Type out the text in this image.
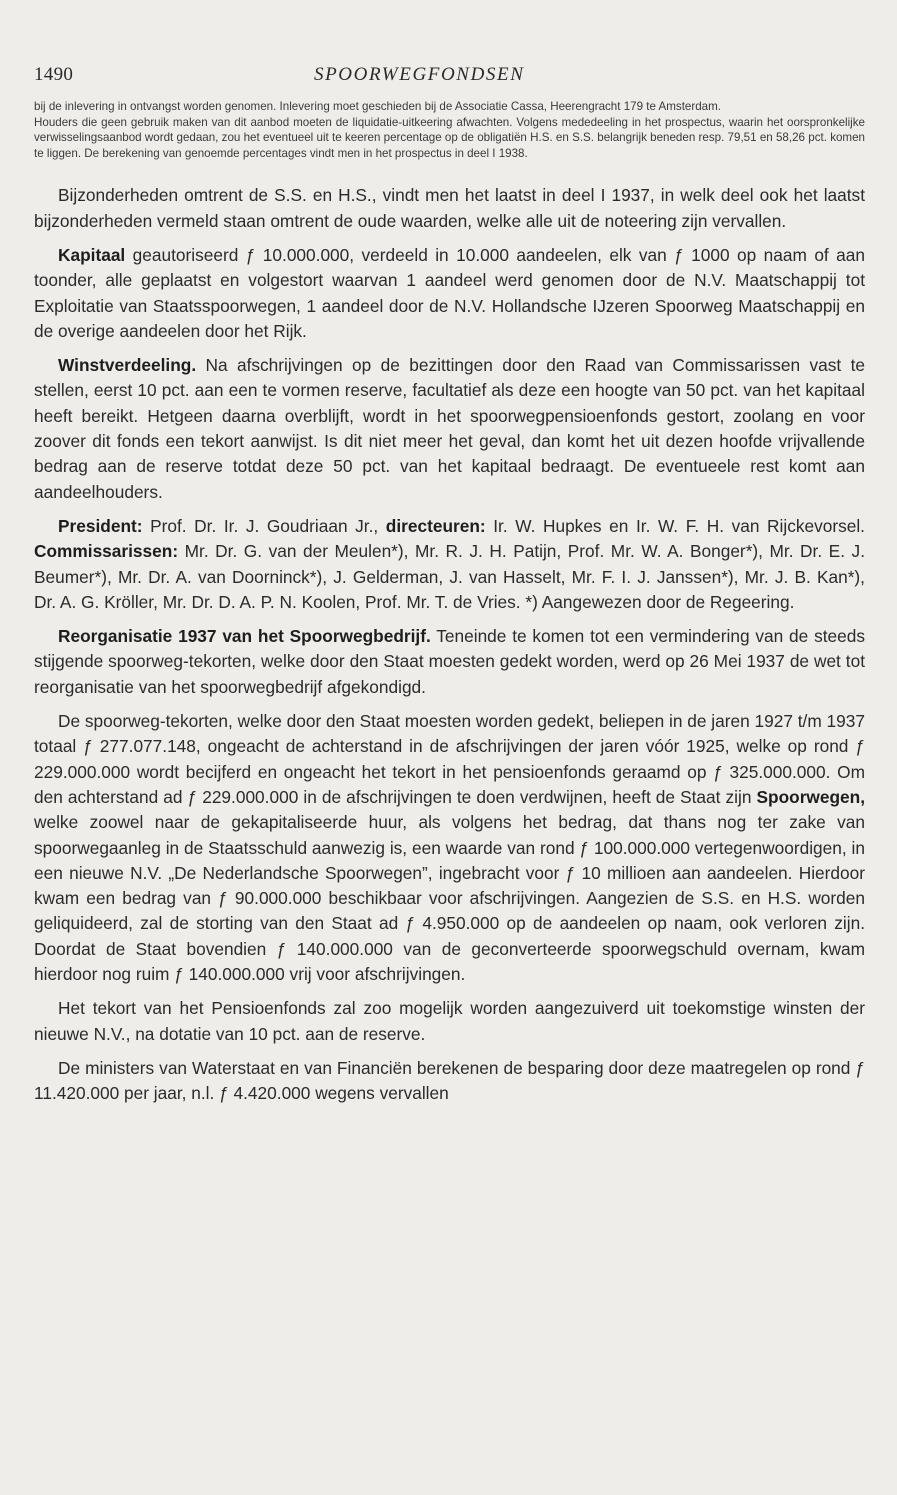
1490	SPOORWEGFONDSEN

bij de inlevering in ontvangst worden genomen. Inlevering moet geschieden bij de Associatie Cassa, Heerengracht 179 te Amsterdam.

Houders die geen gebruik maken van dit aanbod moeten de liquidatie-uitkeering afwachten. Volgens mededeeling in het prospectus, waarin het oorspronkelijke verwisselingsaanbod wordt gedaan, zou het eventueel uit te keeren percentage op de obligatiën H.S. en S.S. belangrijk beneden resp. 79,51 en 58,26 pct. komen te liggen. De berekening van genoemde percentages vindt men in het prospectus in deel I 1938.

Bijzonderheden omtrent de S.S. en H.S., vindt men het laatst in deel I 1937, in welk deel ook het laatst bijzonderheden vermeld staan omtrent de oude waarden, welke alle uit de noteering zijn vervallen.

Kapitaal geautoriseerd ƒ 10.000.000, verdeeld in 10.000 aandeelen, elk van ƒ 1000 op naam of aan toonder, alle geplaatst en volgestort waarvan 1 aandeel werd genomen door de N.V. Maatschappij tot Exploitatie van Staatsspoorwegen, 1 aandeel door de N.V. Hollandsche IJzeren Spoorweg Maatschappij en de overige aandeelen door het Rijk.

Winstverdeeling. Na afschrijvingen op de bezittingen door den Raad van Commissarissen vast te stellen, eerst 10 pct. aan een te vormen reserve, facultatief als deze een hoogte van 50 pct. van het kapitaal heeft bereikt. Hetgeen daarna overblijft, wordt in het spoorwegpensioenfonds gestort, zoolang en voor zoover dit fonds een tekort aanwijst. Is dit niet meer het geval, dan komt het uit dezen hoofde vrijvallende bedrag aan de reserve totdat deze 50 pct. van het kapitaal bedraagt. De eventueele rest komt aan aandeelhouders.

President: Prof. Dr. Ir. J. Goudriaan Jr., directeuren: Ir. W. Hupkes en Ir. W. F. H. van Rijckevorsel. Commissarissen: Mr. Dr. G. van der Meulen*), Mr. R. J. H. Patijn, Prof. Mr. W. A. Bonger*), Mr. Dr. E. J. Beumer*), Mr. Dr. A. van Doorninck*), J. Gelderman, J. van Hasselt, Mr. F. I. J. Janssen*), Mr. J. B. Kan*), Dr. A. G. Kröller, Mr. Dr. D. A. P. N. Koolen, Prof. Mr. T. de Vries. *) Aangewezen door de Regeering.

Reorganisatie 1937 van het Spoorwegbedrijf. Teneinde te komen tot een vermindering van de steeds stijgende spoorweg-tekorten, welke door den Staat moesten gedekt worden, werd op 26 Mei 1937 de wet tot reorganisatie van het spoorwegbedrijf afgekondigd.

De spoorweg-tekorten, welke door den Staat moesten worden gedekt, beliepen in de jaren 1927 t/m 1937 totaal ƒ 277.077.148, ongeacht de achterstand in de afschrijvingen der jaren vóór 1925, welke op rond ƒ 229.000.000 wordt becijferd en ongeacht het tekort in het pensioenfonds geraamd op ƒ 325.000.000. Om den achterstand ad ƒ 229.000.000 in de afschrijvingen te doen verdwijnen, heeft de Staat zijn Spoorwegen, welke zoowel naar de gekapitaliseerde huur, als volgens het bedrag, dat thans nog ter zake van spoorwegaanleg in de Staatsschuld aanwezig is, een waarde van rond ƒ 100.000.000 vertegenwoordigen, in een nieuwe N.V. „De Nederlandsche Spoorwegen”, ingebracht voor ƒ 10 millioen aan aandeelen. Hierdoor kwam een bedrag van ƒ 90.000.000 beschikbaar voor afschrijvingen. Aangezien de S.S. en H.S. worden geliquideerd, zal de storting van den Staat ad ƒ 4.950.000 op de aandeelen op naam, ook verloren zijn. Doordat de Staat bovendien ƒ 140.000.000 van de geconverteerde spoorwegschuld overnam, kwam hierdoor nog ruim ƒ 140.000.000 vrij voor afschrijvingen.

Het tekort van het Pensioenfonds zal zoo mogelijk worden aangezuiverd uit toekomstige winsten der nieuwe N.V., na dotatie van 10 pct. aan de reserve.

De ministers van Waterstaat en van Financiën berekenen de besparing door deze maatregelen op rond ƒ 11.420.000 per jaar, n.l. ƒ 4.420.000 wegens vervallen
